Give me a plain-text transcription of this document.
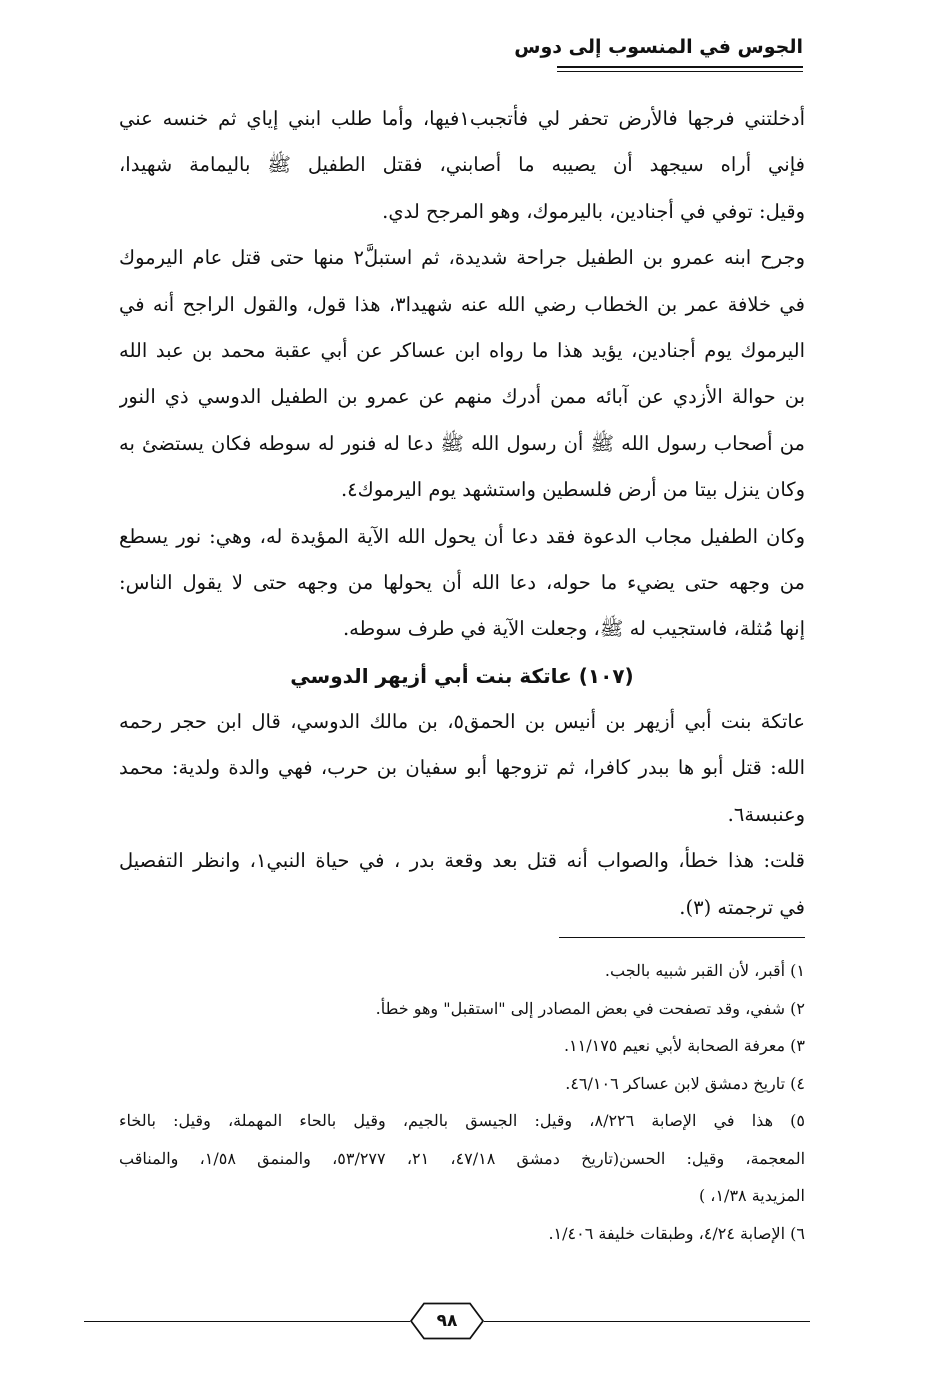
الجوس في المنسوب إلى دوس
أدخلتني فرجها فالأرض تحفر لي فأتجبب١فيها، وأما طلب ابني إياي ثم خنسه عني
فإني أراه سيجهد أن يصيبه ما أصابني، فقتل الطفيل ﷺ باليمامة شهيدا،
وقيل: توفي في أجنادين، باليرموك، وهو المرجح لدي.
وجرح ابنه عمرو بن الطفيل جراحة شديدة، ثم استبلَّ٢ منها حتى قتل عام اليرموك
في خلافة عمر بن الخطاب رضي الله عنه شهيدا٣، هذا قول، والقول الراجح أنه في
اليرموك يوم أجنادين، يؤيد هذا ما رواه ابن عساكر عن أبي عقبة محمد بن عبد الله
بن حوالة الأزدي عن آبائه ممن أدرك منهم عن عمرو بن الطفيل الدوسي ذي النور
من أصحاب رسول الله ﷺ أن رسول الله ﷺ دعا له فنور له سوطه فكان يستضئ به
وكان ينزل بيتا من أرض فلسطين واستشهد يوم اليرموك٤.
وكان الطفيل مجاب الدعوة فقد دعا أن يحول الله الآية المؤيدة له، وهي: نور يسطع
من وجهه حتى يضيء ما حوله، دعا الله أن يحولها من وجهه حتى لا يقول الناس:
إنها مُثلة، فاستجيب له ﷺ، وجعلت الآية في طرف سوطه.
(١٠٧) عاتكة بنت أبي أزيهر الدوسي
عاتكة بنت أبي أزيهر بن أنيس بن الحمق٥، بن مالك الدوسي، قال ابن حجر رحمه
الله: قتل أبو ها ببدر كافرا، ثم تزوجها أبو سفيان بن حرب، فهي والدة ولدية: محمد
وعنبسة٦.
قلت: هذا خطأ، والصواب أنه قتل بعد وقعة بدر ، في حياة النبي١، وانظر التفصيل
في ترجمته (٣).
١) أقبر، لأن القبر شبيه بالجب.
٢) شفي، وقد تصفحت في بعض المصادر إلى "استقبل" وهو خطأ.
٣) معرفة الصحابة لأبي نعيم ١١/١٧٥.
٤) تاريخ دمشق لابن عساكر ٤٦/١٠٦.
٥) هذا في الإصابة ٨/٢٢٦، وقيل: الجيسق بالجيم، وقيل بالحاء المهملة، وقيل: بالخاء
المعجمة، وقيل: الحسن(تاريخ دمشق ٤٧/١٨، ٢١، ٥٣/٢٧٧، والمنمق ١/٥٨، والمناقب
المزيدية ١/٣٨، )
٦) الإصابة ٤/٢٤، وطبقات خليفة ١/٤٠٦.
٩٨
